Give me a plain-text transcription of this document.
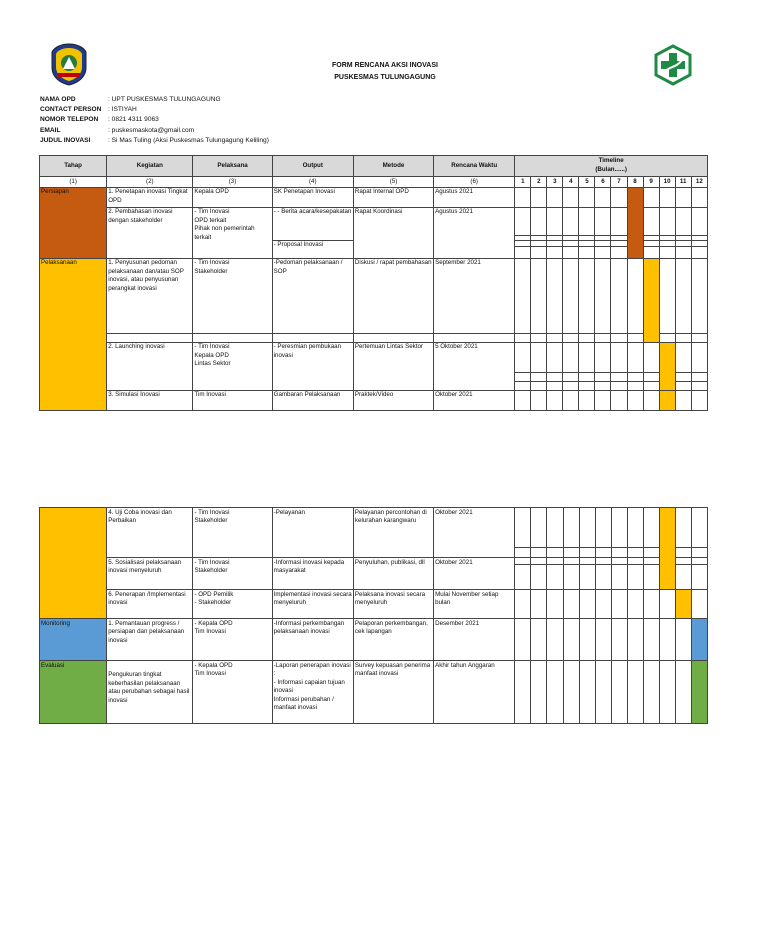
FORM RENCANA AKSI INOVASI
PUSKESMAS TULUNGAGUNG
NAMA OPD	: UPT PUSKESMAS TULUNGAGUNG
CONTACT PERSON : ISTIYAH
NOMOR TELEPON	: 0821 4311 9063
EMAIL	: puskesmaskota@gmail.com
JUDUL INOVASI	: Si Mas Tuling (Aksi Puskesmas Tulungagung Keliling)
Tahap	Kegiatan	Pelaksana	Output	Metode	Rencana Waktu	Timeline
(Bulan......)											
(1)	(2)	(3)	(4)	(5)	(6)	1	2	3	4	5	6	7	8	9	10	11	12
Persiapan	1. Penetapan inovasi Tingkat OPD	Kepala OPD	SK Penetapan Inovasi	Rapat Internal OPD	Agustus 2021												
	2. Pembahasan inovasi dengan stakeholder	- Tim Inovasi
OPD terkait
Pihak non pemerintah terkait	- - Berita acara/kesepakatan	Rapat Koordinasi	Agustus 2021												

			- Proposal Inovasi														

Pelaksanaan	1. Penyusunan pedoman pelaksanaan dan/atau SOP inovasi, atau penyusunan perangkat inovasi	- Tim Inovasi
Stakeholder	-Pedoman pelaksanaan / SOP	Diskusi / rapat pembahasan	September 2021												

	2. Launching inovasi	- Tim Inovasi
Kepala OPD
Lintas Sektor	- Peresmian pembukaan inovasi	Pertemuan Lintas Sektor	5 Oktober 2021												

	3. Simulasi Inovasi	Tim Inovasi	Gambaran Pelaksanaan	Praktek/Video	Oktober 2021												
	4. Uji Coba inovasi dan Perbaikan	- Tim Inovasi
Stakeholder	-Pelayanan	Pelayanan percontohan di kelurahan karangwaru	Oktober 2021												

	5. Sosialisasi pelaksanaan inovasi menyeluruh	- Tim Inovasi
Stakeholder	-Informasi inovasi kepada masyarakat	Penyuluhan, publikasi, dll	Oktober 2021												

	6. Penerapan /Implementasi inovasi	- OPD Pemilik
- Stakeholder	Implementasi inovasi secara menyeluruh	Pelaksana inovasi secara menyeluruh	Mulai November setiap bulan												
Monitoring	1. Pemantauan progress / persiapan dan pelaksanaan inovasi	- Kepala OPD
Tim Inovasi	-Informasi perkembangan pelaksanaan inovasi	Pelaporan perkembangan, cek lapangan	Desember 2021												
Evaluasi	Pengukuran tingkat keberhasilan pelaksanaan atau perubahan sebagai hasil inovasi	- Kepala OPD
Tim Inovasi	-Laporan penerapan inovasi :
- Informasi capaian tujuan inovasi
Informasi perubahan / manfaat inovasi	Survey kepuasan penerima manfaat inovasi	Akhir tahun Anggaran												
